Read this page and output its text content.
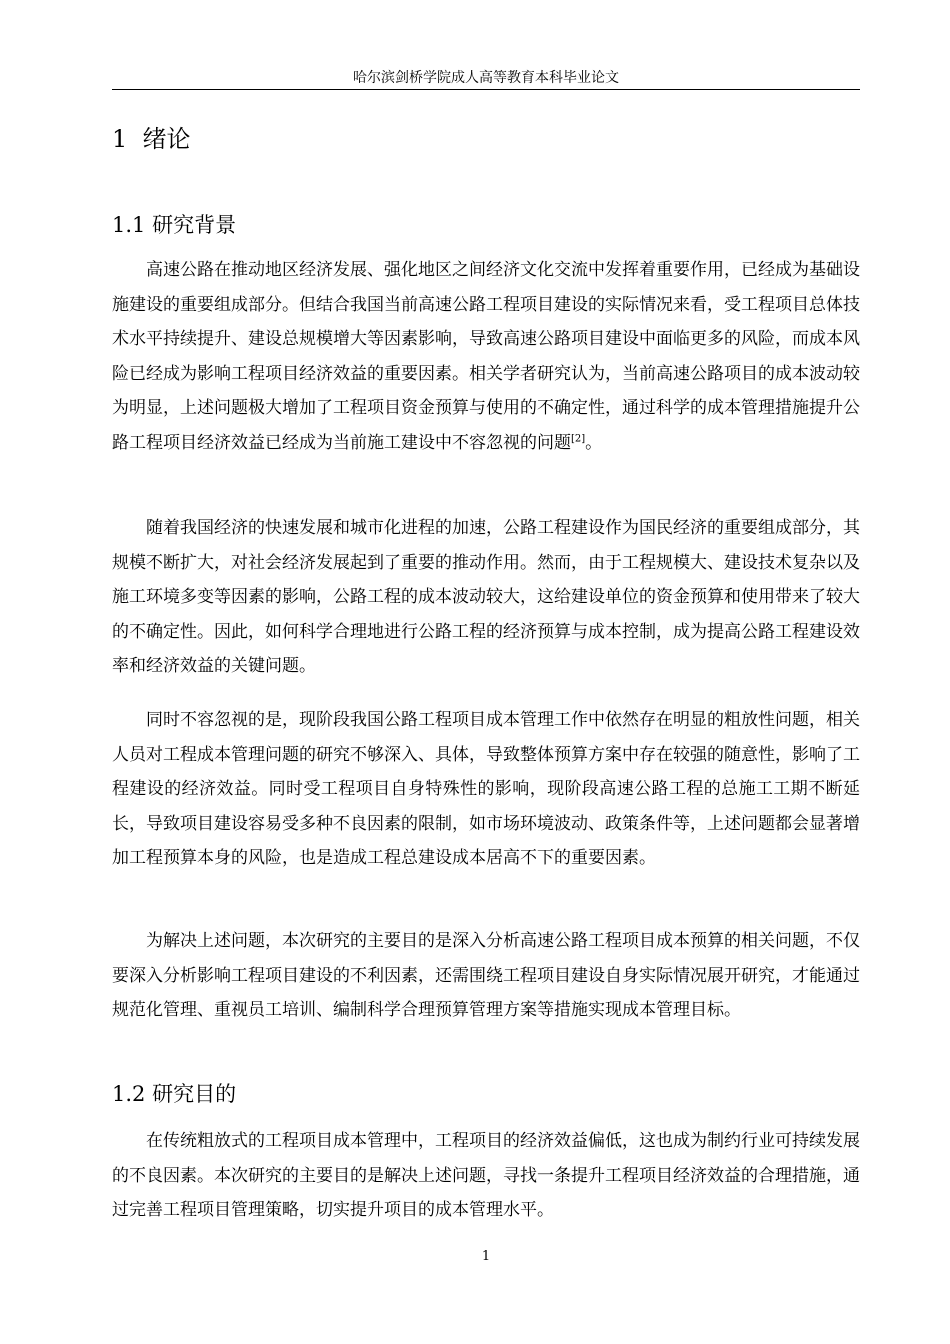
哈尔滨剑桥学院成人高等教育本科毕业论文
1  绪论
1.1 研究背景

高速公路在推动地区经济发展、强化地区之间经济文化交流中发挥着重要作用，已经成为基础设施建设的重要组成部分。但结合我国当前高速公路工程项目建设的实际情况来看，受工程项目总体技术水平持续提升、建设总规模增大等因素影响，导致高速公路项目建设中面临更多的风险，而成本风险已经成为影响工程项目经济效益的重要因素。相关学者研究认为，当前高速公路项目的成本波动较为明显，上述问题极大增加了工程项目资金预算与使用的不确定性，通过科学的成本管理措施提升公路工程项目经济效益已经成为当前施工建设中不容忽视的问题[2]。

随着我国经济的快速发展和城市化进程的加速，公路工程建设作为国民经济的重要组成部分，其规模不断扩大，对社会经济发展起到了重要的推动作用。然而，由于工程规模大、建设技术复杂以及施工环境多变等因素的影响，公路工程的成本波动较大，这给建设单位的资金预算和使用带来了较大的不确定性。因此，如何科学合理地进行公路工程的经济预算与成本控制，成为提高公路工程建设效率和经济效益的关键问题。

同时不容忽视的是，现阶段我国公路工程项目成本管理工作中依然存在明显的粗放性问题，相关人员对工程成本管理问题的研究不够深入、具体，导致整体预算方案中存在较强的随意性，影响了工程建设的经济效益。同时受工程项目自身特殊性的影响，现阶段高速公路工程的总施工工期不断延长，导致项目建设容易受多种不良因素的限制，如市场环境波动、政策条件等，上述问题都会显著增加工程预算本身的风险，也是造成工程总建设成本居高不下的重要因素。

为解决上述问题，本次研究的主要目的是深入分析高速公路工程项目成本预算的相关问题，不仅要深入分析影响工程项目建设的不利因素，还需围绕工程项目建设自身实际情况展开研究，才能通过规范化管理、重视员工培训、编制科学合理预算管理方案等措施实现成本管理目标。

1.2 研究目的

在传统粗放式的工程项目成本管理中，工程项目的经济效益偏低，这也成为制约行业可持续发展的不良因素。本次研究的主要目的是解决上述问题，寻找一条提升工程项目经济效益的合理措施，通过完善工程项目管理策略，切实提升项目的成本管理水平。

1
